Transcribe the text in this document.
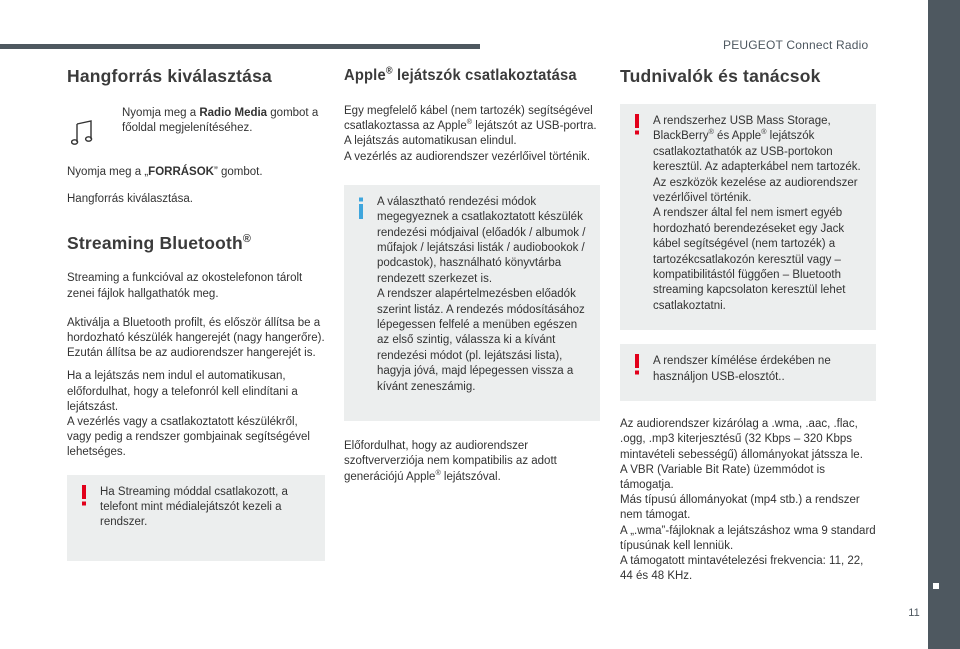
PEUGEOT Connect Radio
11
Hangforrás kiválasztása

Nyomja meg a Radio Media gombot a főoldal megjelenítéséhez.

Nyomja meg a „FORRÁSOK” gombot.

Hangforrás kiválasztása.

Streaming Bluetooth®

Streaming a funkcióval az okostelefonon tárolt zenei fájlok hallgathatók meg.

Aktiválja a Bluetooth profilt, és először állítsa be a hordozható készülék hangerejét (nagy hangerőre).
Ezután állítsa be az audiorendszer hangerejét is.

Ha a lejátszás nem indul el automatikusan, előfordulhat, hogy a telefonról kell elindítani a lejátszást.
A vezérlés vagy a csatlakoztatott készülékről, vagy pedig a rendszer gombjainak segítségével lehetséges.

Ha Streaming móddal csatlakozott, a telefont mint médialejátszót kezeli a rendszer.

Apple® lejátszók csatlakoztatása

Egy megfelelő kábel (nem tartozék) segítségével csatlakoztassa az Apple® lejátszót az USB-portra.
A lejátszás automatikusan elindul.
A vezérlés az audiorendszer vezérlőivel történik.

A választható rendezési módok megegyeznek a csatlakoztatott készülék rendezési módjaival (előadók / albumok / műfajok / lejátszási listák / audiobookok / podcastok), használható könyvtárba rendezett szerkezet is.
A rendszer alapértelmezésben előadók szerint listáz. A rendezés módosításához lépegessen felfelé a menüben egészen az első szintig, válassza ki a kívánt rendezési módot (pl. lejátszási lista), hagyja jóvá, majd lépegessen vissza a kívánt zeneszámig.

Előfordulhat, hogy az audiorendszer szoftververziója nem kompatibilis az adott generációjú Apple® lejátszóval.

Tudnivalók és tanácsok

A rendszerhez USB Mass Storage, BlackBerry® és Apple® lejátszók csatlakoztathatók az USB-portokon keresztül. Az adapterkábel nem tartozék.
Az eszközök kezelése az audiorendszer vezérlőivel történik.
A rendszer által fel nem ismert egyéb hordozható berendezéseket egy Jack kábel segítségével (nem tartozék) a tartozékcsatlakozón keresztül vagy – kompatibilitástól függően – Bluetooth streaming kapcsolaton keresztül lehet csatlakoztatni.

A rendszer kímélése érdekében ne használjon USB-elosztót..

Az audiorendszer kizárólag a .wma, .aac, .flac, .ogg, .mp3 kiterjesztésű (32 Kbps – 320 Kbps mintavételi sebességű) állományokat játssza le.
A VBR (Variable Bit Rate) üzemmódot is támogatja.
Más típusú állományokat (mp4 stb.) a rendszer nem támogat.
A „.wma”-fájloknak a lejátszáshoz wma 9 standard típusúnak kell lenniük.
A támogatott mintavételezési frekvencia: 11, 22, 44 és 48 KHz.
